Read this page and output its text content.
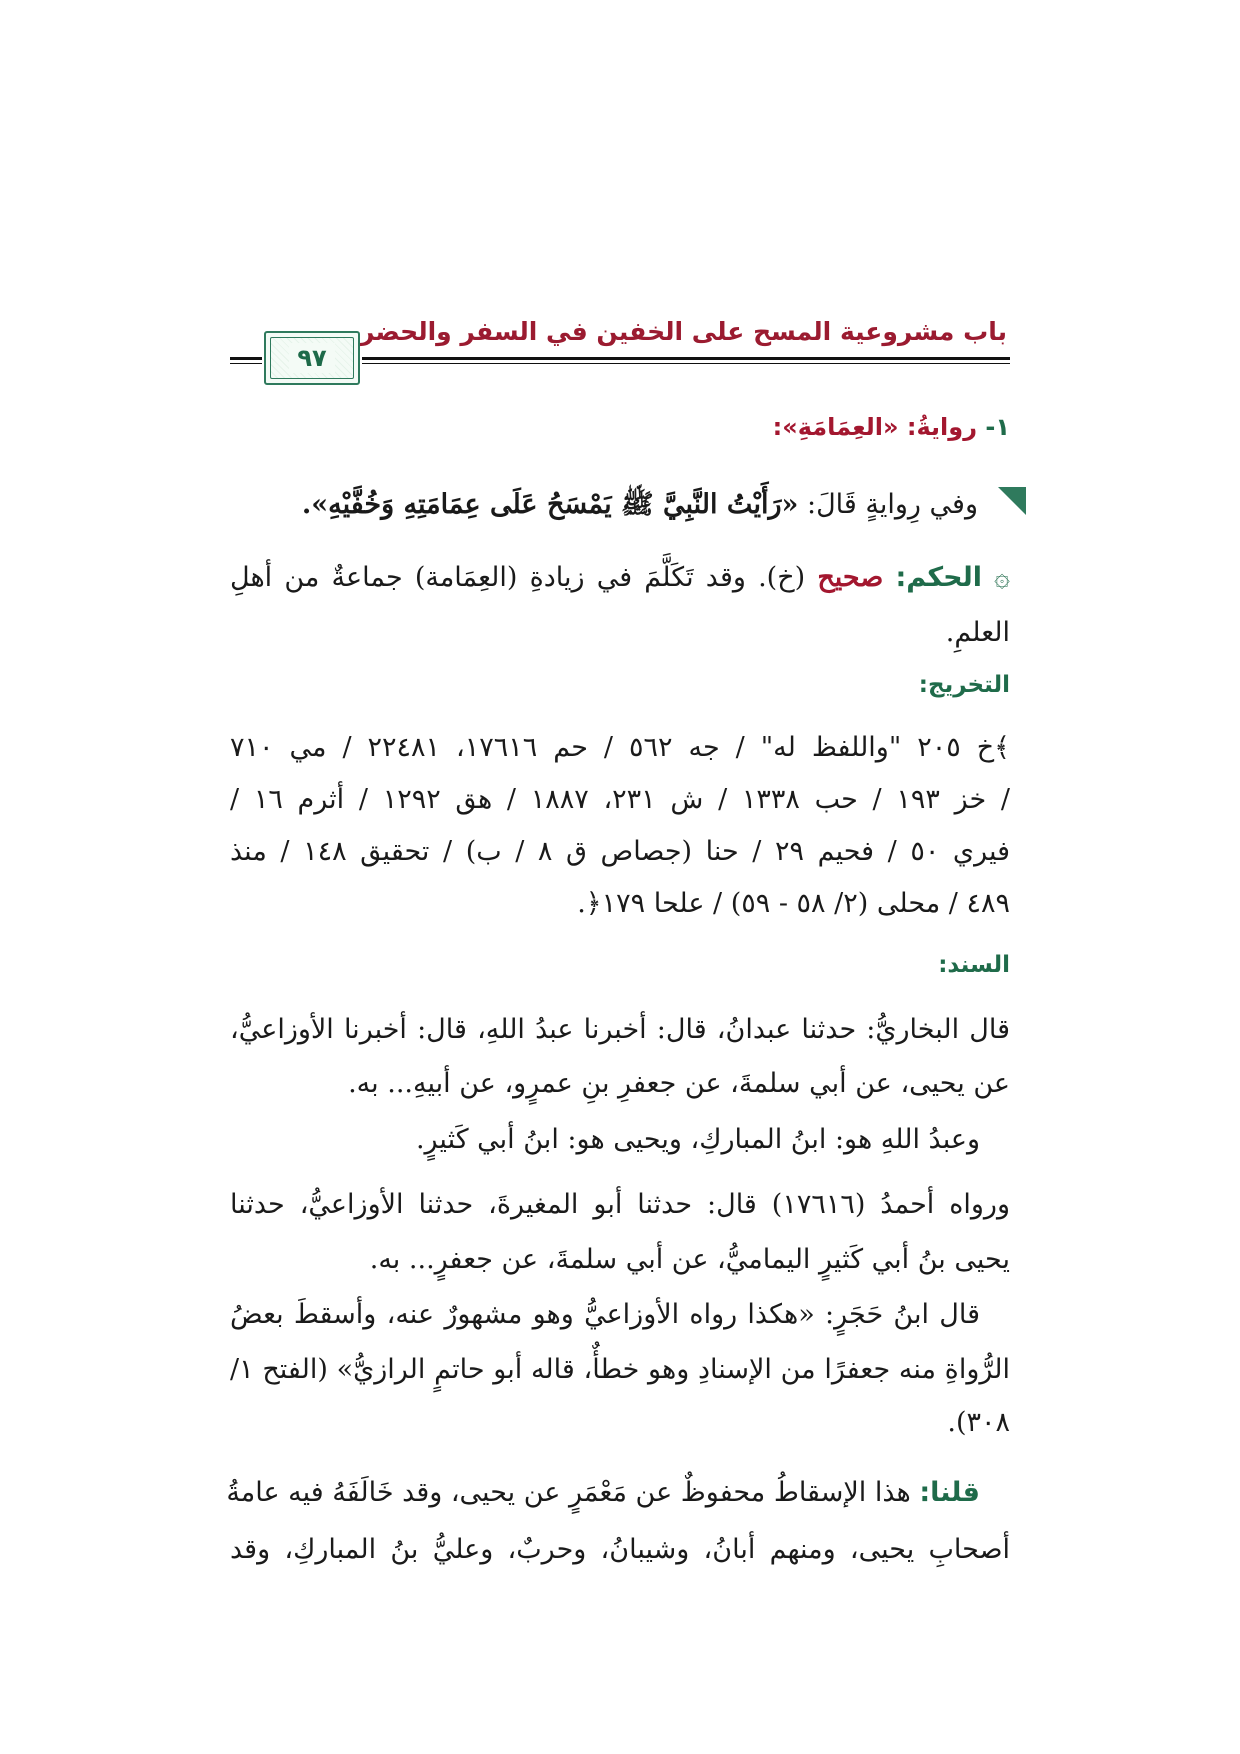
باب مشروعية المسح على الخفين في السفر والحضر
٩٧
١- روايةُ: «العِمَامَةِ»:
وفي رِوايةٍ قَالَ: «رَأَيْتُ النَّبِيَّ ﷺ يَمْسَحُ عَلَى عِمَامَتِهِ وَخُفَّيْهِ».
۞ الحكم: صحيح (خ). وقد تَكَلَّمَ في زيادةِ (العِمَامة) جماعةٌ من أهلِ
العلمِ.
التخريج:
﴾خ ٢٠٥ "واللفظ له" / جه ٥٦٢ / حم ١٧٦١٦، ٢٢٤٨١ / مي ٧١٠
/ خز ١٩٣ / حب ١٣٣٨ / ش ٢٣١، ١٨٨٧ / هق ١٢٩٢ / أثرم ١٦ /
فيري ٥٠ / فحيم ٢٩ / حنا (جصاص ق ٨ / ب) / تحقيق ١٤٨ / منذ
٤٨٩ / محلى (٢/ ٥٨ - ٥٩) / علحا ١٧٩﴿.
السند:
قال البخاريُّ: حدثنا عبدانُ، قال: أخبرنا عبدُ اللهِ، قال: أخبرنا الأوزاعيُّ،
عن يحيى، عن أبي سلمةَ، عن جعفرِ بنِ عمرٍو، عن أبيهِ... به.
وعبدُ اللهِ هو: ابنُ المباركِ، ويحيى هو: ابنُ أبي كَثيرٍ.
ورواه أحمدُ (١٧٦١٦) قال: حدثنا أبو المغيرةَ، حدثنا الأوزاعيُّ، حدثنا
يحيى بنُ أبي كَثيرٍ اليماميُّ، عن أبي سلمةَ، عن جعفرٍ... به.
قال ابنُ حَجَرٍ: «هكذا رواه الأوزاعيُّ وهو مشهورٌ عنه، وأسقطَ بعضُ
الرُّواةِ منه جعفرًا من الإسنادِ وهو خطأٌ، قاله أبو حاتمٍ الرازيُّ» (الفتح ١/
٣٠٨).
قلنا: هذا الإسقاطُ محفوظٌ عن مَعْمَرٍ عن يحيى، وقد خَالَفَهُ فيه عامةُ
أصحابِ يحيى، ومنهم أبانُ، وشيبانُ، وحربٌ، وعليُّ بنُ المباركِ، وقد
